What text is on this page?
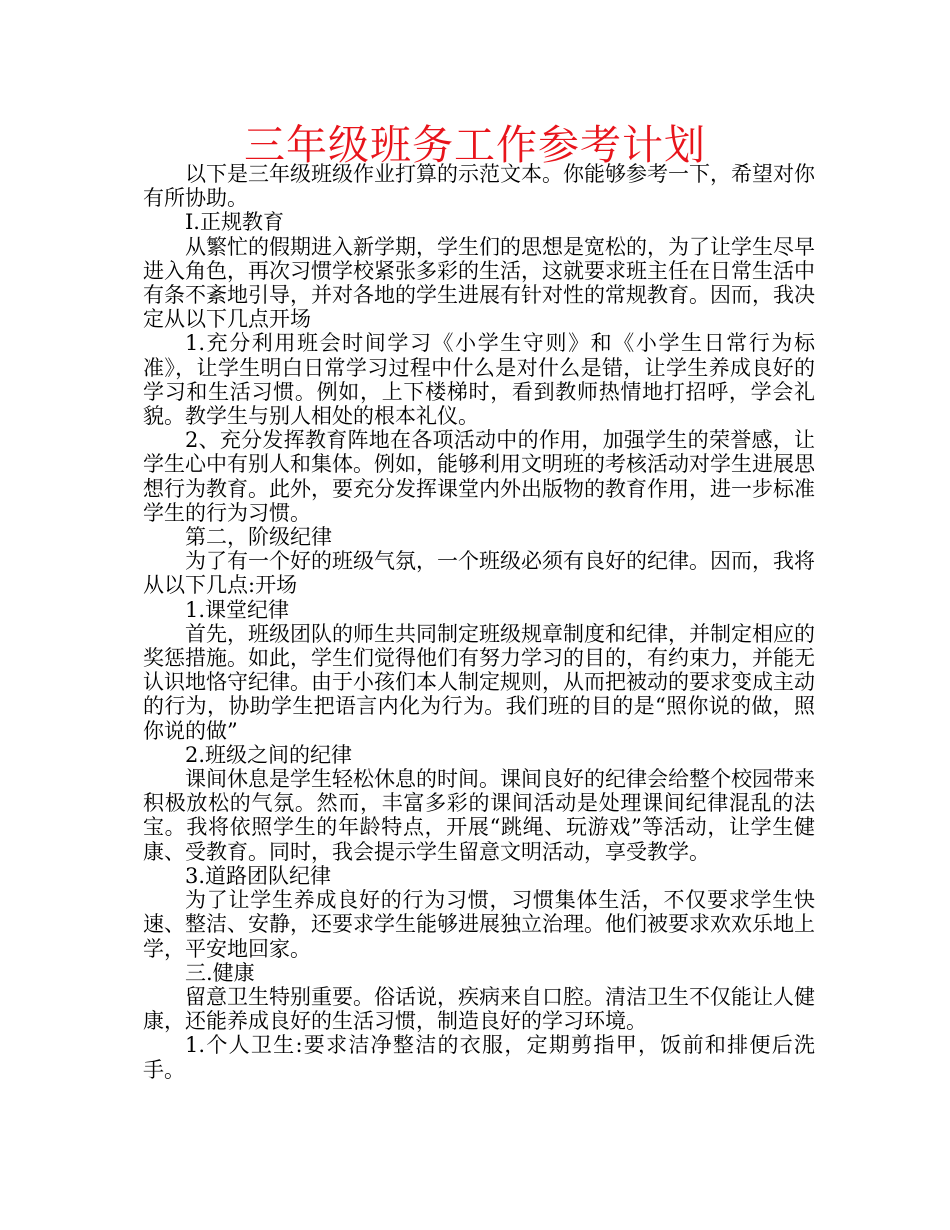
三年级班务工作参考计划

以下是三年级班级作业打算的示范文本。你能够参考一下，希望对你有所协助。

Ⅰ.正规教育

从繁忙的假期进入新学期，学生们的思想是宽松的，为了让学生尽早进入角色，再次习惯学校紧张多彩的生活，这就要求班主任在日常生活中有条不紊地引导，并对各地的学生进展有针对性的常规教育。因而，我决定从以下几点开场

1.充分利用班会时间学习《小学生守则》和《小学生日常行为标准》，让学生明白日常学习过程中什么是对什么是错，让学生养成良好的学习和生活习惯。例如，上下楼梯时，看到教师热情地打招呼，学会礼貌。教学生与别人相处的根本礼仪。

2、充分发挥教育阵地在各项活动中的作用，加强学生的荣誉感，让学生心中有别人和集体。例如，能够利用文明班的考核活动对学生进展思想行为教育。此外，要充分发挥课堂内外出版物的教育作用，进一步标准学生的行为习惯。

第二，阶级纪律

为了有一个好的班级气氛，一个班级必须有良好的纪律。因而，我将从以下几点:开场

1.课堂纪律

首先，班级团队的师生共同制定班级规章制度和纪律，并制定相应的奖惩措施。如此，学生们觉得他们有努力学习的目的，有约束力，并能无认识地恪守纪律。由于小孩们本人制定规则，从而把被动的要求变成主动的行为，协助学生把语言内化为行为。我们班的目的是“照你说的做，照你说的做”

2.班级之间的纪律

课间休息是学生轻松休息的时间。课间良好的纪律会给整个校园带来积极放松的气氛。然而，丰富多彩的课间活动是处理课间纪律混乱的法宝。我将依照学生的年龄特点，开展“跳绳、玩游戏”等活动，让学生健康、受教育。同时，我会提示学生留意文明活动，享受教学。

3.道路团队纪律

为了让学生养成良好的行为习惯，习惯集体生活，不仅要求学生快速、整洁、安静，还要求学生能够进展独立治理。他们被要求欢欢乐地上学，平安地回家。

三.健康

留意卫生特别重要。俗话说，疾病来自口腔。清洁卫生不仅能让人健康，还能养成良好的生活习惯，制造良好的学习环境。

1.个人卫生:要求洁净整洁的衣服，定期剪指甲，饭前和排便后洗手。
